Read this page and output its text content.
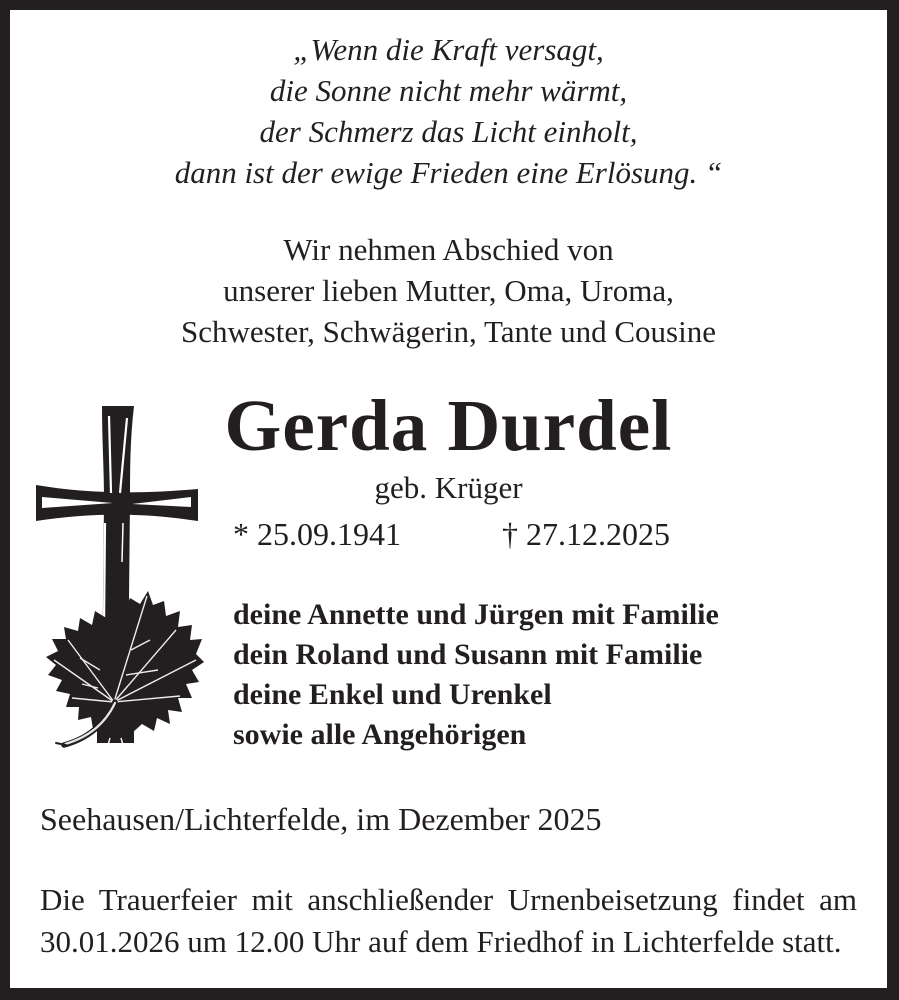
„Wenn die Kraft versagt,
die Sonne nicht mehr wärmt,
der Schmerz das Licht einholt,
dann ist der ewige Frieden eine Erlösung. “
Wir nehmen Abschied von
unserer lieben Mutter, Oma, Uroma,
Schwester, Schwägerin, Tante und Cousine
Gerda Durdel
geb. Krüger
* 25.09.1941	† 27.12.2025
deine Annette und Jürgen mit Familie
dein Roland und Susann mit Familie
deine Enkel und Urenkel
sowie alle Angehörigen
Seehausen/Lichterfelde, im Dezember 2025
Die Trauerfeier mit anschließender Urnenbeisetzung findet am 30.01.2026 um 12.00 Uhr auf dem Friedhof in Lichterfelde statt.
